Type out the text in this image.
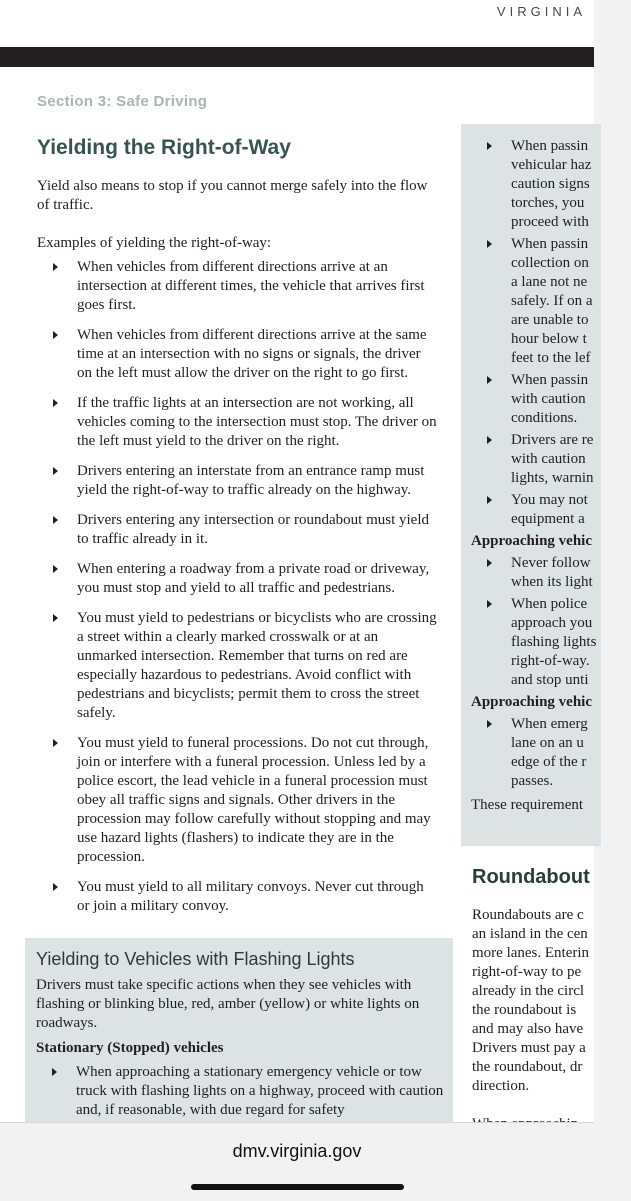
VIRGINIA
Section 3: Safe Driving
Yielding the Right-of-Way

Yield also means to stop if you cannot merge safely into the flow of traffic.

Examples of yielding the right-of-way:

When vehicles from different directions arrive at an intersection at different times, the vehicle that arrives first goes first.
When vehicles from different directions arrive at the same time at an intersection with no signs or signals, the driver on the left must allow the driver on the right to go first.
If the traffic lights at an intersection are not working, all vehicles coming to the intersection must stop. The driver on the left must yield to the driver on the right.
Drivers entering an interstate from an entrance ramp must yield the right-of-way to traffic already on the highway.
Drivers entering any intersection or roundabout must yield to traffic already in it.
When entering a roadway from a private road or driveway, you must stop and yield to all traffic and pedestrians.
You must yield to pedestrians or bicyclists who are crossing a street within a clearly marked crosswalk or at an unmarked intersection. Remember that turns on red are especially hazardous to pedestrians. Avoid conflict with pedestrians and bicyclists; permit them to cross the street safely.
You must yield to funeral processions. Do not cut through, join or interfere with a funeral procession. Unless led by a police escort, the lead vehicle in a funeral procession must obey all traffic signs and signals. Other drivers in the procession may follow carefully without stopping and may use hazard lights (flashers) to indicate they are in the procession.
You must yield to all military convoys. Never cut through or join a military convoy.
Yielding to Vehicles with Flashing Lights

Drivers must take specific actions when they see vehicles with flashing or blinking blue, red, amber (yellow) or white lights on roadways.

Stationary (Stopped) vehicles

When approaching a stationary emergency vehicle or tow truck with flashing lights on a highway, proceed with caution and, if reasonable, with due regard for safety
When passin
vehicular haz
caution signs
torches, you
proceed with
When passin
collection on
a lane not ne
safely. If on a
are unable to
hour below t
feet to the lef
When passin
with caution
conditions.
Drivers are re
with caution
lights, warnin
You may not
equipment a

Approaching vehic

Never follow
when its light
When police
approach you
flashing lights
right-of-way.
and stop unti

Approaching vehic

When emerg
lane on an u
edge of the r
passes.

These requirement

Roundabout

Roundabouts are c
an island in the cen
more lanes. Enterin
right-of-way to pe
already in the circl
the roundabout is
and may also have
Drivers must pay a
the roundabout, dr
direction.

dmv.virginia.gov
